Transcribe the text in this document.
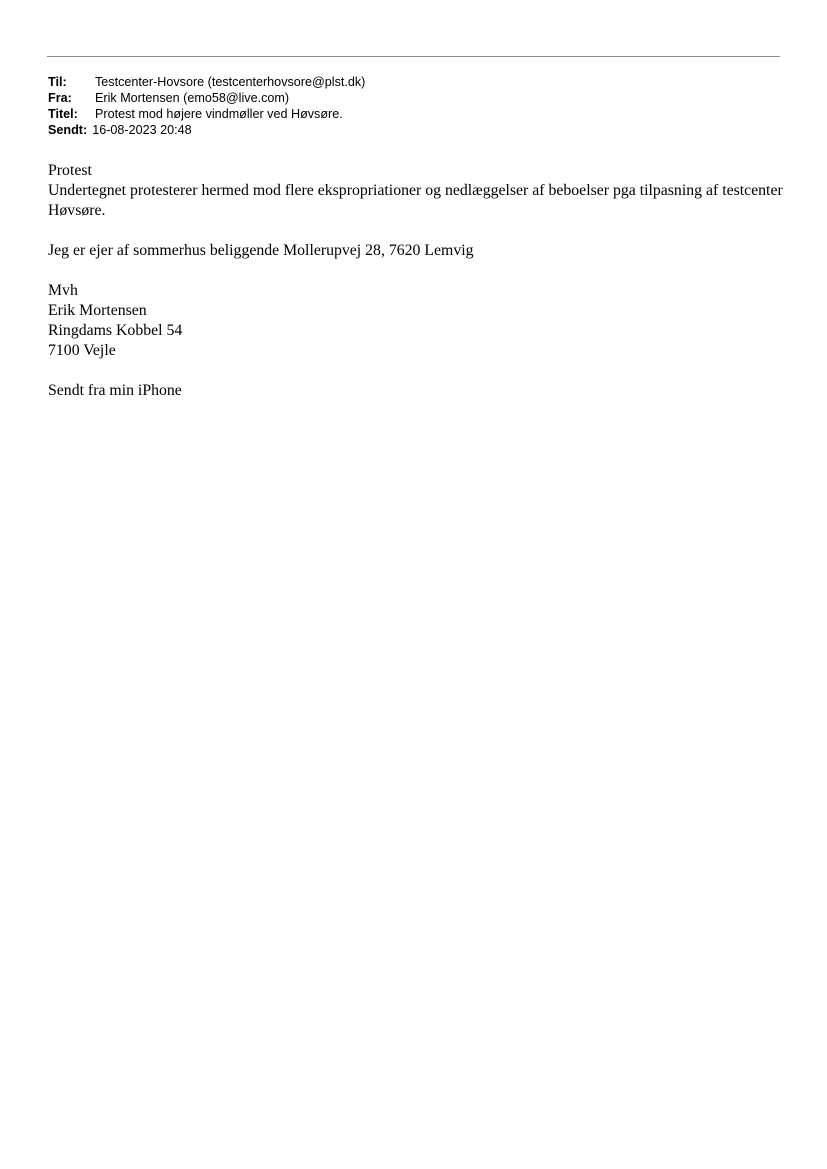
Til:	Testcenter-Hovsore (testcenterhovsore@plst.dk)
Fra:	Erik Mortensen (emo58@live.com)
Titel:	Protest mod højere vindmøller ved Høvsøre.
Sendt: 16-08-2023 20:48

Protest

Undertegnet protesterer hermed mod flere ekspropriationer og nedlæggelser af beboelser pga tilpasning af testcenter Høvsøre.

Jeg er ejer af sommerhus beliggende Mollerupvej 28, 7620 Lemvig

Mvh

Erik Mortensen

Ringdams Kobbel 54

7100 Vejle

Sendt fra min iPhone
